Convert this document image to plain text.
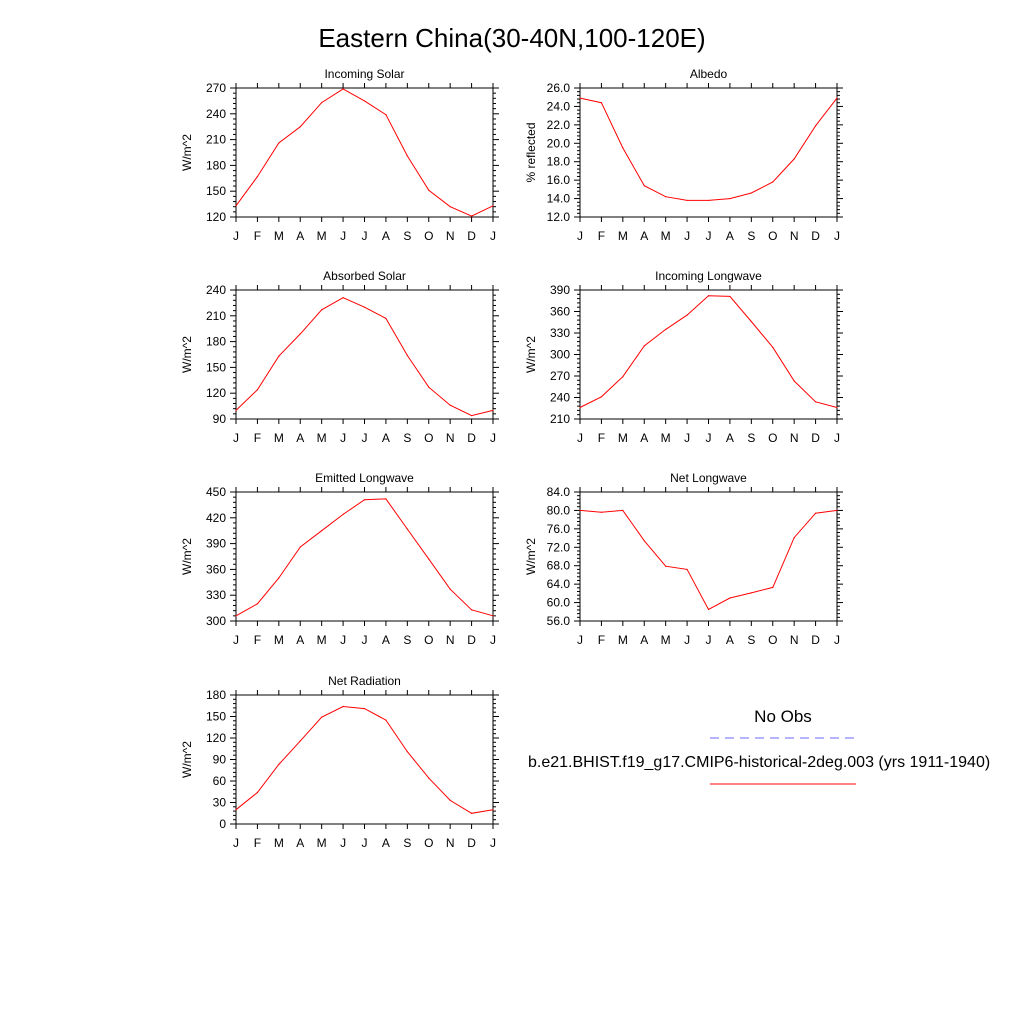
Eastern China(30-40N,100-120E)
Incoming Solar
W/m^2
120
150
180
210
240
270
J F M A M J J A S O N D J
Albedo
% reflected
12.0
14.0
16.0
18.0
20.0
22.0
24.0
26.0
J F M A M J J A S O N D J
Absorbed Solar
W/m^2
90
120
150
180
210
240
J F M A M J J A S O N D J
Incoming Longwave
W/m^2
210
240
270
300
330
360
390
J F M A M J J A S O N D J
Emitted Longwave
W/m^2
300
330
360
390
420
450
J F M A M J J A S O N D J
Net Longwave
W/m^2
56.0
60.0
64.0
68.0
72.0
76.0
80.0
84.0
J F M A M J J A S O N D J
Net Radiation
W/m^2
0
30
60
90
120
150
180
J F M A M J J A S O N D J
No Obs
b.e21.BHIST.f19_g17.CMIP6-historical-2deg.003 (yrs 1911-1940)
